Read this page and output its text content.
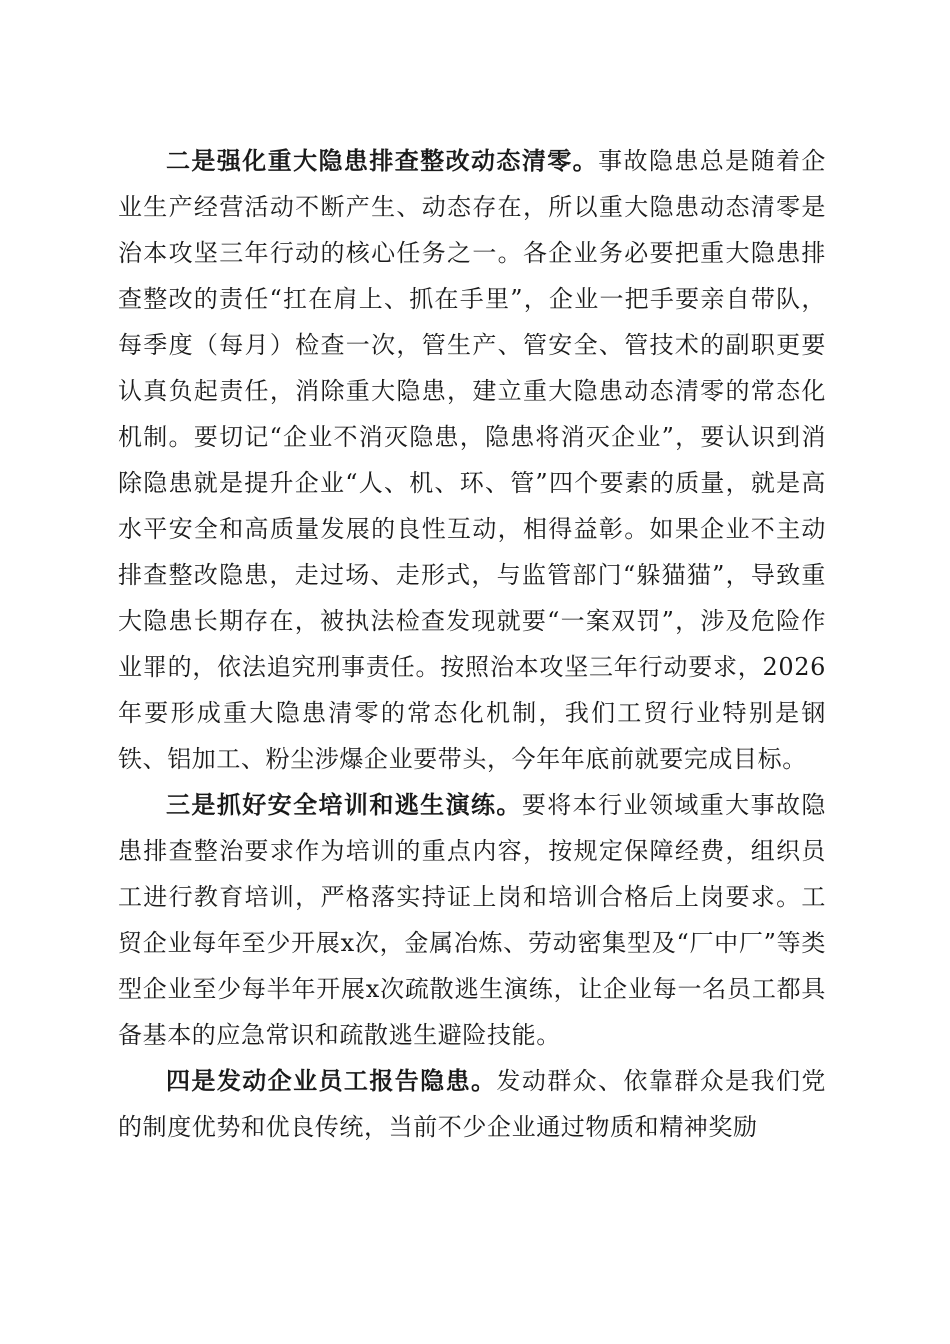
二是强化重大隐患排查整改动态清零。事故隐患总是随着企业生产经营活动不断产生、动态存在，所以重大隐患动态清零是治本攻坚三年行动的核心任务之一。各企业务必要把重大隐患排查整改的责任“扛在肩上、抓在手里”，企业一把手要亲自带队，每季度（每月）检查一次，管生产、管安全、管技术的副职更要认真负起责任，消除重大隐患，建立重大隐患动态清零的常态化机制。要切记“企业不消灭隐患，隐患将消灭企业”，要认识到消除隐患就是提升企业“人、机、环、管”四个要素的质量，就是高水平安全和高质量发展的良性互动，相得益彰。如果企业不主动排查整改隐患，走过场、走形式，与监管部门“躲猫猫”，导致重大隐患长期存在，被执法检查发现就要“一案双罚”，涉及危险作业罪的，依法追究刑事责任。按照治本攻坚三年行动要求，2026年要形成重大隐患清零的常态化机制，我们工贸行业特别是钢铁、铝加工、粉尘涉爆企业要带头，今年年底前就要完成目标。

三是抓好安全培训和逃生演练。要将本行业领域重大事故隐患排查整治要求作为培训的重点内容，按规定保障经费，组织员工进行教育培训，严格落实持证上岗和培训合格后上岗要求。工贸企业每年至少开展x次，金属冶炼、劳动密集型及“厂中厂”等类型企业至少每半年开展x次疏散逃生演练，让企业每一名员工都具备基本的应急常识和疏散逃生避险技能。

四是发动企业员工报告隐患。发动群众、依靠群众是我们党的制度优势和优良传统，当前不少企业通过物质和精神奖励
